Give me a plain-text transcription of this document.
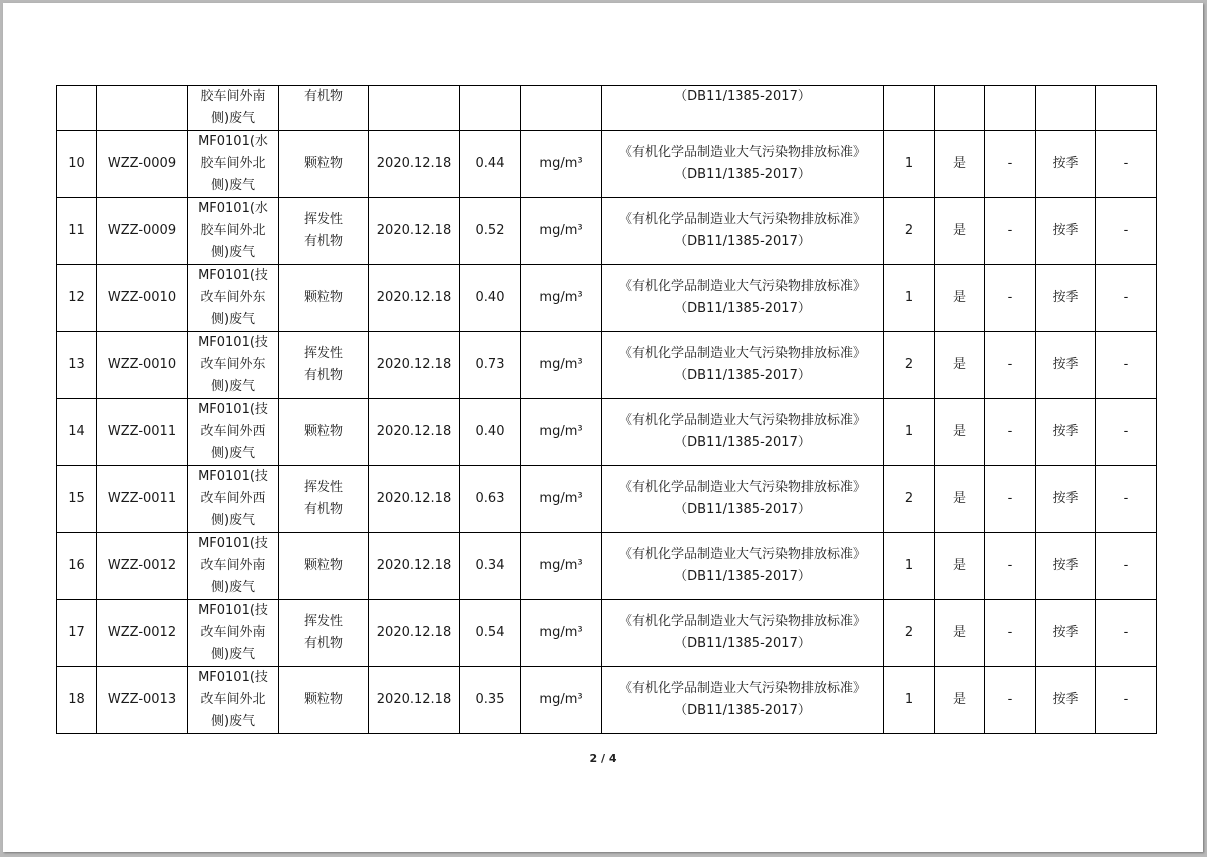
		胶车间外南
侧)废气	有机物				（DB11/1385-2017）					
10	WZZ-0009	MF0101(水
胶车间外北
侧)废气	颗粒物	2020.12.18	0.44	mg/m³	《有机化学品制造业大气污染物排放标准》
（DB11/1385-2017）	1	是	-	按季	-
11	WZZ-0009	MF0101(水
胶车间外北
侧)废气	挥发性
有机物	2020.12.18	0.52	mg/m³	《有机化学品制造业大气污染物排放标准》
（DB11/1385-2017）	2	是	-	按季	-
12	WZZ-0010	MF0101(技
改车间外东
侧)废气	颗粒物	2020.12.18	0.40	mg/m³	《有机化学品制造业大气污染物排放标准》
（DB11/1385-2017）	1	是	-	按季	-
13	WZZ-0010	MF0101(技
改车间外东
侧)废气	挥发性
有机物	2020.12.18	0.73	mg/m³	《有机化学品制造业大气污染物排放标准》
（DB11/1385-2017）	2	是	-	按季	-
14	WZZ-0011	MF0101(技
改车间外西
侧)废气	颗粒物	2020.12.18	0.40	mg/m³	《有机化学品制造业大气污染物排放标准》
（DB11/1385-2017）	1	是	-	按季	-
15	WZZ-0011	MF0101(技
改车间外西
侧)废气	挥发性
有机物	2020.12.18	0.63	mg/m³	《有机化学品制造业大气污染物排放标准》
（DB11/1385-2017）	2	是	-	按季	-
16	WZZ-0012	MF0101(技
改车间外南
侧)废气	颗粒物	2020.12.18	0.34	mg/m³	《有机化学品制造业大气污染物排放标准》
（DB11/1385-2017）	1	是	-	按季	-
17	WZZ-0012	MF0101(技
改车间外南
侧)废气	挥发性
有机物	2020.12.18	0.54	mg/m³	《有机化学品制造业大气污染物排放标准》
（DB11/1385-2017）	2	是	-	按季	-
18	WZZ-0013	MF0101(技
改车间外北
侧)废气	颗粒物	2020.12.18	0.35	mg/m³	《有机化学品制造业大气污染物排放标准》
（DB11/1385-2017）	1	是	-	按季	-
2 / 4
